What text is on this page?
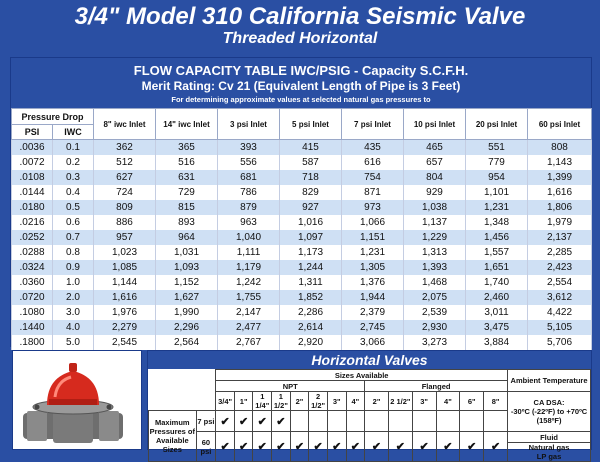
3/4" Model 310 California Seismic Valve
Threaded Horizontal
FLOW CAPACITY TABLE IWC/PSIG - Capacity S.C.F.H.
Merit Rating: Cv 21 (Equivalent Length of Pipe is 3 Feet)
For determining approximate values at selected natural gas pressures to
Pressure Drop		8" iwc Inlet	14" iwc Inlet	3 psi Inlet	5 psi Inlet	7 psi Inlet	10 psi Inlet	20 psi Inlet	60 psi Inlet
PSI	IWC								
.0036	0.1	362	365	393	415	435	465	551	808
.0072	0.2	512	516	556	587	616	657	779	1,143
.0108	0.3	627	631	681	718	754	804	954	1,399
.0144	0.4	724	729	786	829	871	929	1,101	1,616
.0180	0.5	809	815	879	927	973	1,038	1,231	1,806
.0216	0.6	886	893	963	1,016	1,066	1,137	1,348	1,979
.0252	0.7	957	964	1,040	1,097	1,151	1,229	1,456	2,137
.0288	0.8	1,023	1,031	1,111	1,173	1,231	1,313	1,557	2,285
.0324	0.9	1,085	1,093	1,179	1,244	1,305	1,393	1,651	2,423
.0360	1.0	1,144	1,152	1,242	1,311	1,376	1,468	1,740	2,554
.0720	2.0	1,616	1,627	1,755	1,852	1,944	2,075	2,460	3,612
.1080	3.0	1,976	1,990	2,147	2,286	2,379	2,539	3,011	4,422
.1440	4.0	2,279	2,296	2,477	2,614	2,745	2,930	3,475	5,105
.1800	5.0	2,545	2,564	2,767	2,920	3,066	3,273	3,884	5,706
Horizontal Valves
		Sizes Available														Ambient Temperature
		NPT								Flanged						
		3/4"	1"	1 1/4"	1 1/2"	2"	2 1/2"	3"	4"	2"	2 1/2"	3"	4"	6"	8"	CA DSA:
-30ºC (-22ºF) to +70ºC (158ºF)

Maximum Pressures of Available Sizes	7 psi	✔	✔	✔	✔											
	60 psi	✔	✔	✔	✔	✔	✔	✔	✔	✔	✔	✔	✔	✔	✔	Fluid
Natural gas
LP gas
